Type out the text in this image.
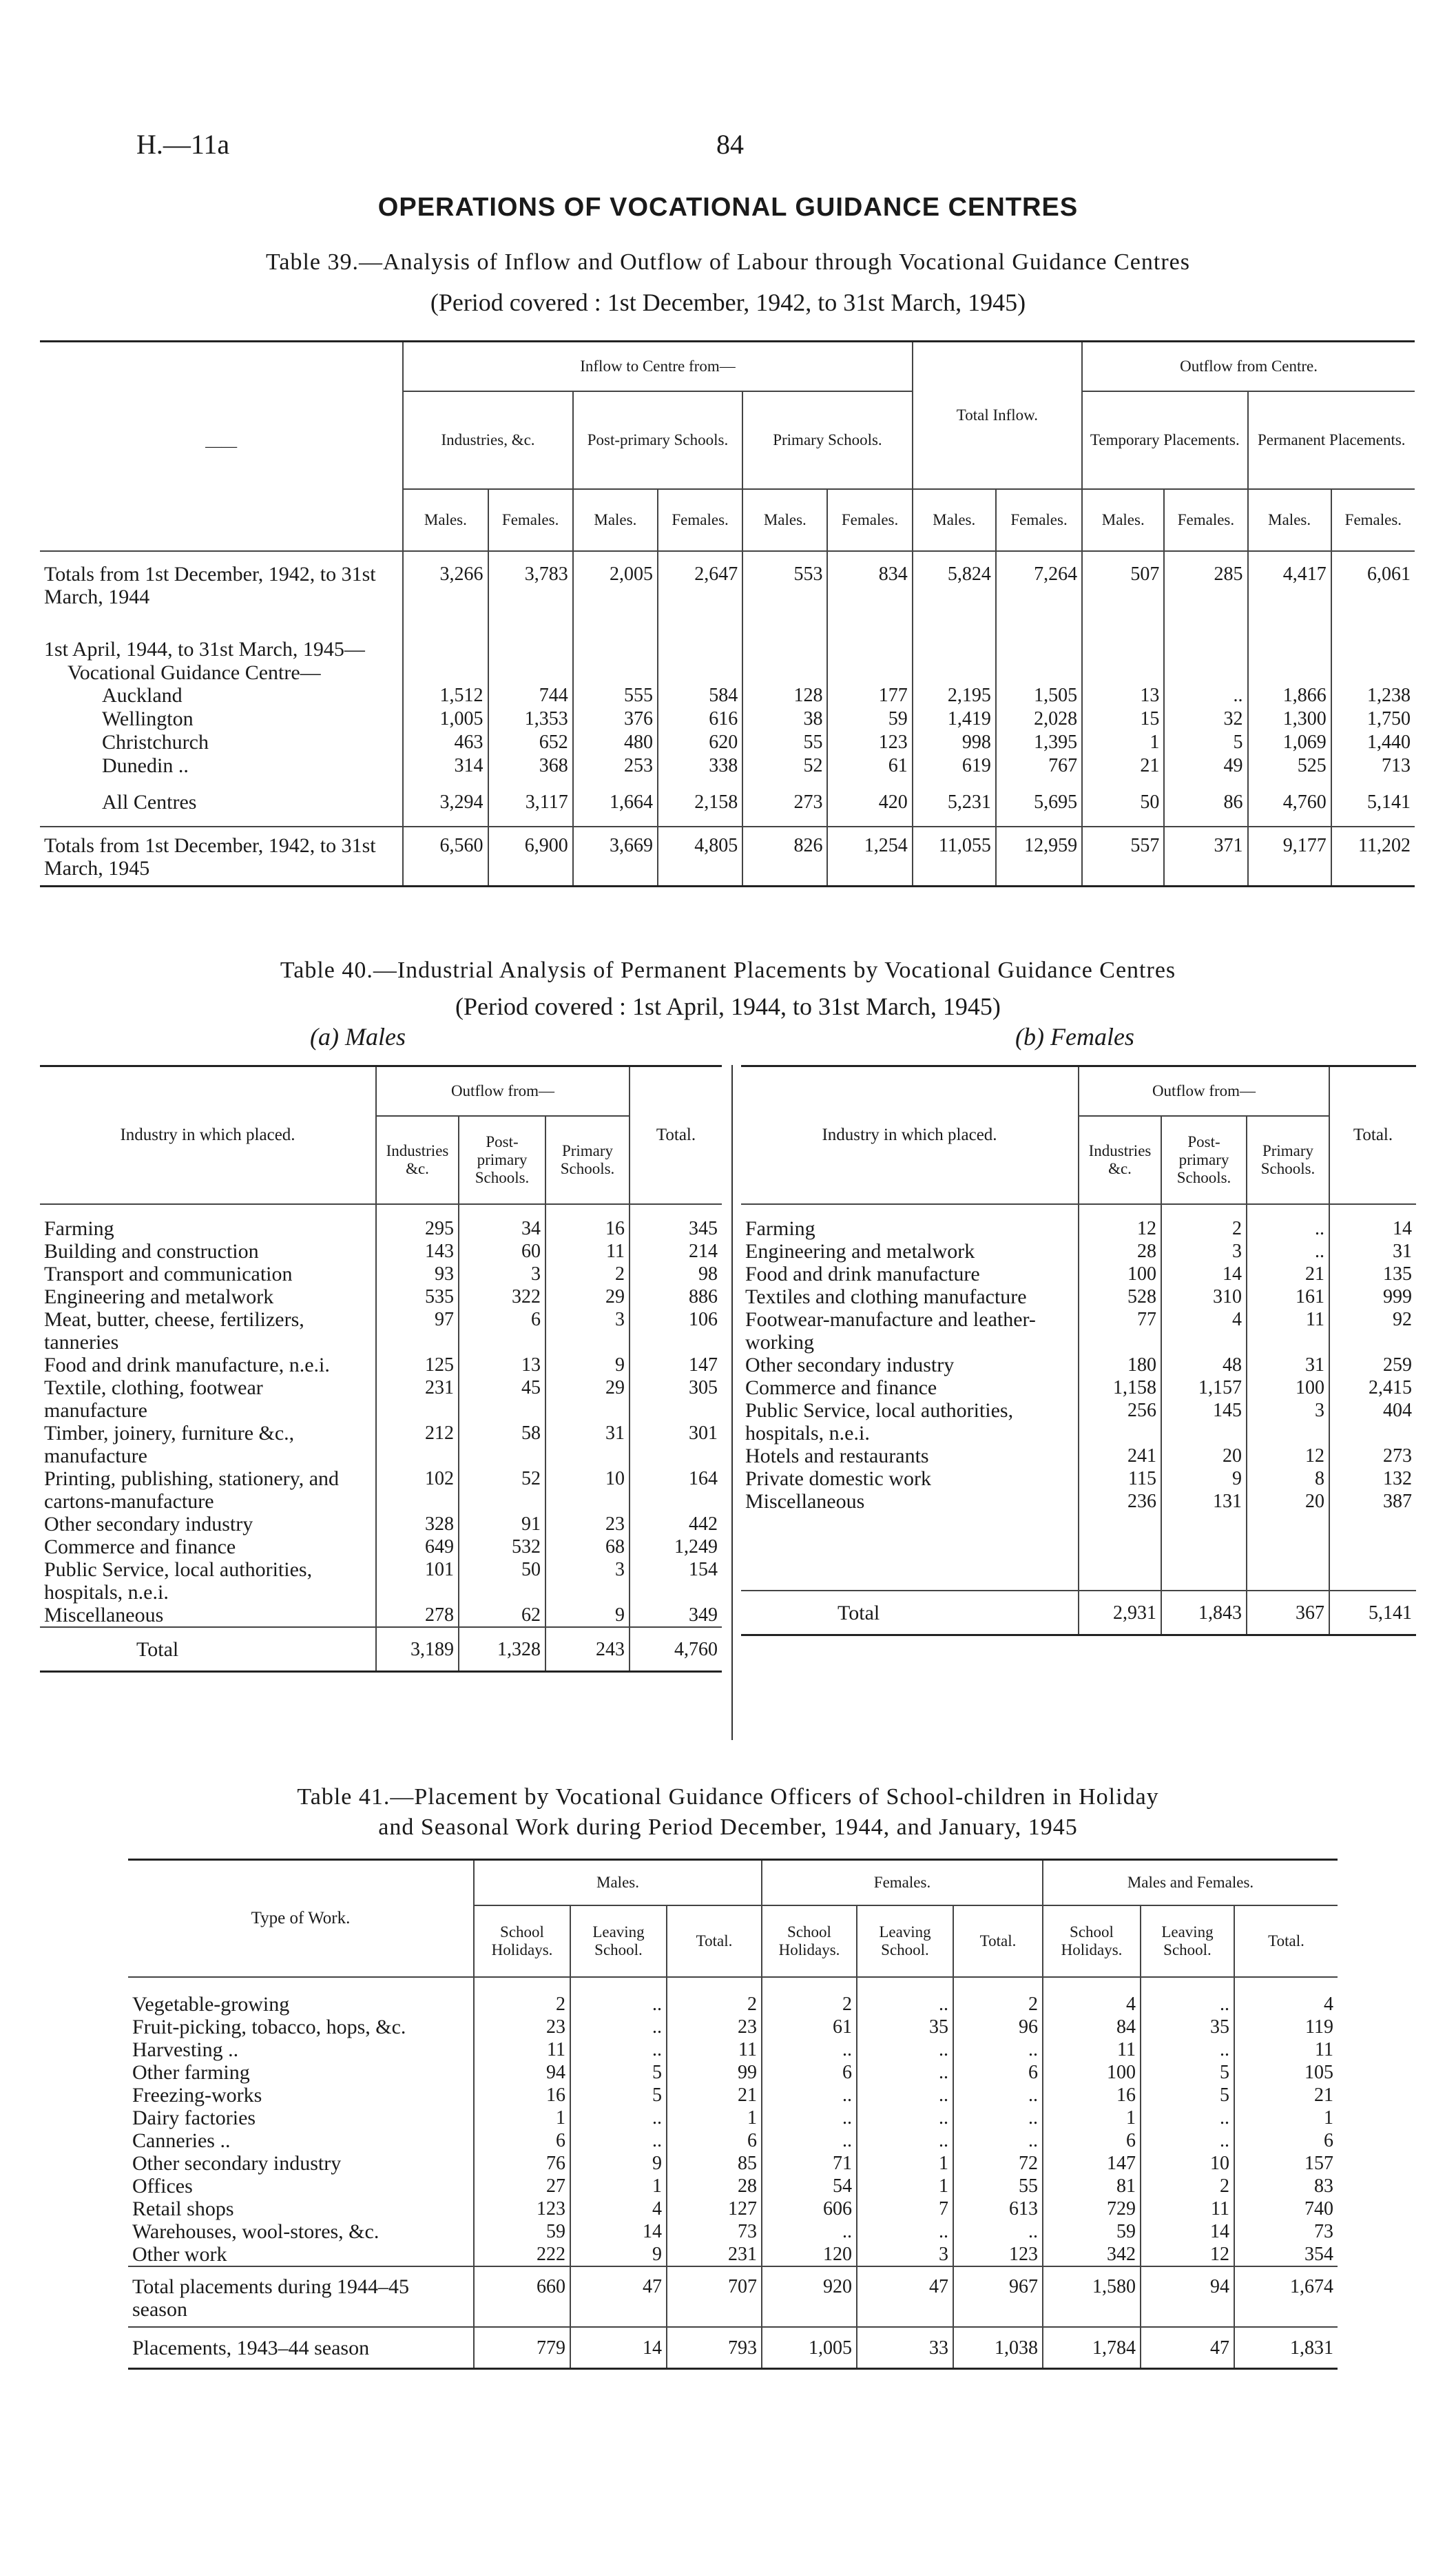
H.—11a	84
OPERATIONS OF VOCATIONAL GUIDANCE CENTRES
Table 39.—Analysis of Inflow and Outflow of Labour through Vocational Guidance Centres
(Period covered : 1st December, 1942, to 31st March, 1945)
——	Inflow to Centre from—						Total Inflow.		Outflow from Centre.			
	Industries, &c.		Post-primary Schools.		Primary Schools.				Temporary Placements.		Permanent Placements.	
	Males.	Females.	Males.	Females.	Males.	Females.	Males.	Females.	Males.	Females.	Males.	Females.
Totals from 1st December, 1942, to 31st March, 1944	3,266	3,783	2,005	2,647	553	834	5,824	7,264	507	285	4,417	6,061
1st April, 1944, to 31st March, 1945—												
Vocational Guidance Centre—												
Auckland	1,512	744	555	584	128	177	2,195	1,505	13	..	1,866	1,238
Wellington	1,005	1,353	376	616	38	59	1,419	2,028	15	32	1,300	1,750
Christchurch	463	652	480	620	55	123	998	1,395	1	5	1,069	1,440
Dunedin ..	314	368	253	338	52	61	619	767	21	49	525	713
All Centres	3,294	3,117	1,664	2,158	273	420	5,231	5,695	50	86	4,760	5,141
Totals from 1st December, 1942, to 31st March, 1945	6,560	6,900	3,669	4,805	826	1,254	11,055	12,959	557	371	9,177	11,202
Table 40.—Industrial Analysis of Permanent Placements by Vocational Guidance Centres
(Period covered : 1st April, 1944, to 31st March, 1945)
(a) Males	(b) Females
Industry in which placed.	Outflow from—			Total.
	Industries &c.	Post-primary Schools.	Primary Schools.	
Farming	295	34	16	345
Building and construction	143	60	11	214
Transport and communication	93	3	2	98
Engineering and metalwork	535	322	29	886
Meat, butter, cheese, fertilizers, tanneries	97	6	3	106
Food and drink manufacture, n.e.i.	125	13	9	147
Textile, clothing, footwear manufacture	231	45	29	305
Timber, joinery, furniture &c., manufacture	212	58	31	301
Printing, publishing, stationery, and cartons-manufacture	102	52	10	164
Other secondary industry	328	91	23	442
Commerce and finance	649	532	68	1,249
Public Service, local authorities, hospitals, n.e.i.	101	50	3	154
Miscellaneous	278	62	9	349
Total	3,189	1,328	243	4,760
Industry in which placed.	Outflow from—			Total.
	Industries &c.	Post-primary Schools.	Primary Schools.	
Farming	12	2	..	14
Engineering and metalwork	28	3	..	31
Food and drink manufacture	100	14	21	135
Textiles and clothing manufacture	528	310	161	999
Footwear-manufacture and leather-working	77	4	11	92
Other secondary industry	180	48	31	259
Commerce and finance	1,158	1,157	100	2,415
Public Service, local authorities, hospitals, n.e.i.	256	145	3	404
Hotels and restaurants	241	20	12	273
Private domestic work	115	9	8	132
Miscellaneous	236	131	20	387

Total	2,931	1,843	367	5,141
Table 41.—Placement by Vocational Guidance Officers of School-children in Holiday
and Seasonal Work during Period December, 1944, and January, 1945
Type of Work.	Males.			Females.			Males and Females.		
	School Holidays.	Leaving School.	Total.	School Holidays.	Leaving School.	Total.	School Holidays.	Leaving School.	Total.
Vegetable-growing	2	..	2	2	..	2	4	..	4
Fruit-picking, tobacco, hops, &c.	23	..	23	61	35	96	84	35	119
Harvesting ..	11	..	11	..	..	..	11	..	11
Other farming	94	5	99	6	..	6	100	5	105
Freezing-works	16	5	21	..	..	..	16	5	21
Dairy factories	1	..	1	..	..	..	1	..	1
Canneries ..	6	..	6	..	..	..	6	..	6
Other secondary industry	76	9	85	71	1	72	147	10	157
Offices	27	1	28	54	1	55	81	2	83
Retail shops	123	4	127	606	7	613	729	11	740
Warehouses, wool-stores, &c.	59	14	73	..	..	..	59	14	73
Other work	222	9	231	120	3	123	342	12	354
Total placements during 1944–45 season	660	47	707	920	47	967	1,580	94	1,674
Placements, 1943–44 season	779	14	793	1,005	33	1,038	1,784	47	1,831
